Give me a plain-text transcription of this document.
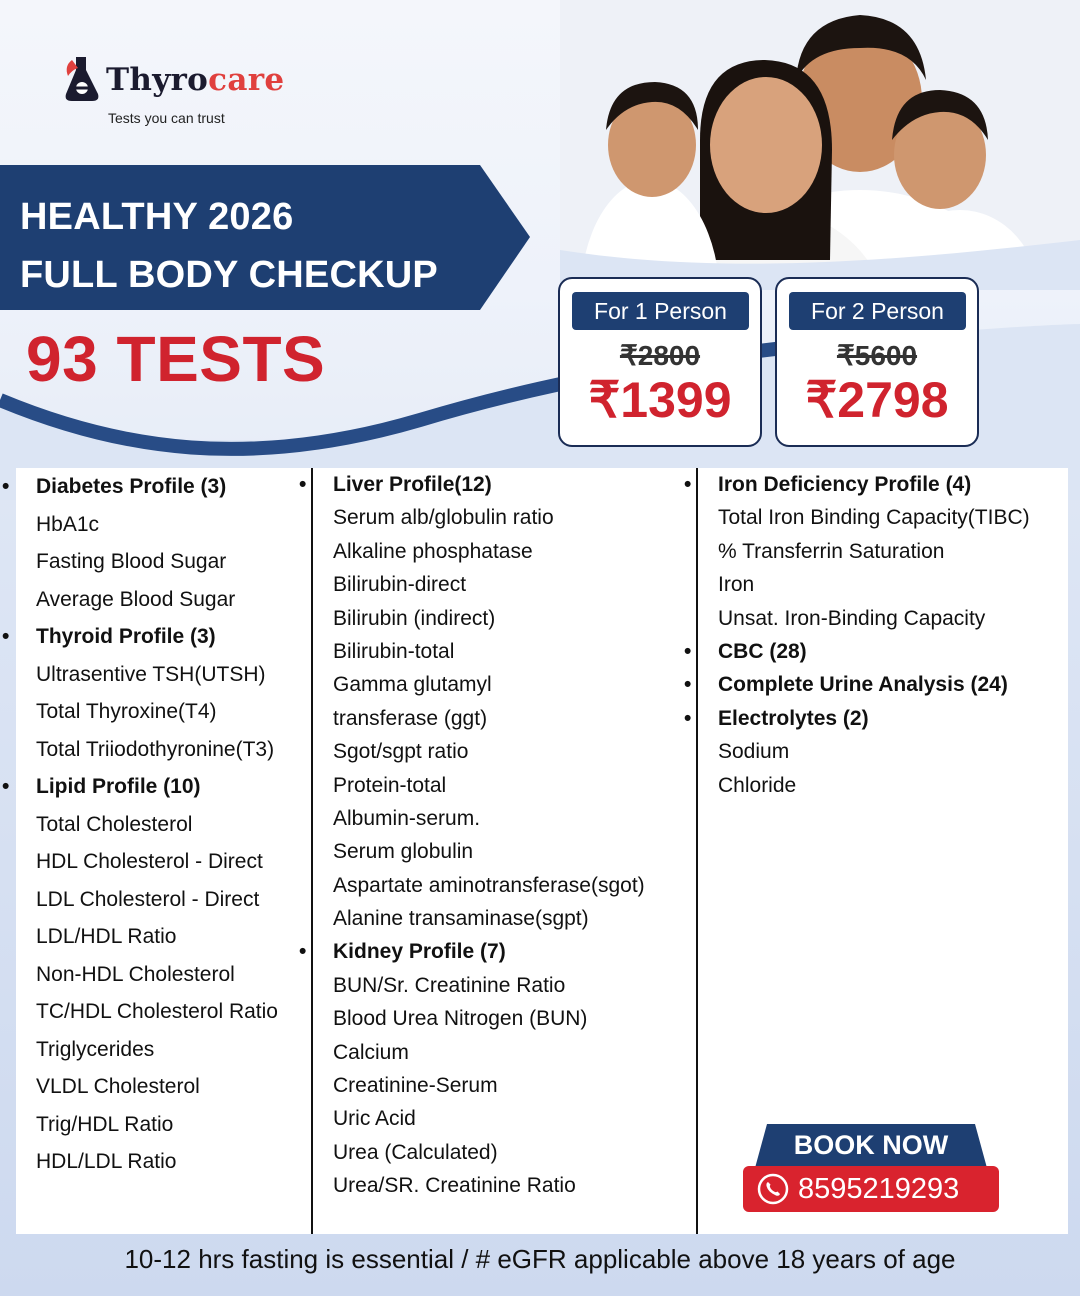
Thyrocare
Tests you can trust
HEALTHY 2026
FULL BODY CHECKUP
93 TESTS
For 1 Person
₹2800
₹1399
For 2 Person
₹5600
₹2798
• Diabetes Profile (3)
HbA1c
Fasting Blood Sugar
Average Blood Sugar
• Thyroid Profile (3)
Ultrasentive TSH(UTSH)
Total Thyroxine(T4)
Total Triiodothyronine(T3)
• Lipid Profile (10)
Total Cholesterol
HDL Cholesterol - Direct
LDL Cholesterol - Direct
LDL/HDL Ratio
Non-HDL Cholesterol
TC/HDL Cholesterol Ratio
Triglycerides
VLDL Cholesterol
Trig/HDL Ratio
HDL/LDL Ratio
• Liver Profile(12)
Serum alb/globulin ratio
Alkaline phosphatase
Bilirubin-direct
Bilirubin (indirect)
Bilirubin-total
Gamma glutamyl
transferase (ggt)
Sgot/sgpt ratio
Protein-total
Albumin-serum.
Serum globulin
Aspartate aminotransferase(sgot)
Alanine transaminase(sgpt)
• Kidney Profile (7)
BUN/Sr. Creatinine Ratio
Blood Urea Nitrogen (BUN)
Calcium
Creatinine-Serum
Uric Acid
Urea (Calculated)
Urea/SR. Creatinine Ratio
• Iron Deficiency Profile (4)
Total Iron Binding Capacity(TIBC)
% Transferrin Saturation
Iron
Unsat. Iron-Binding Capacity
• CBC (28)
• Complete Urine Analysis (24)
• Electrolytes (2)
Sodium
Chloride
BOOK NOW
8595219293
10-12 hrs fasting is essential / # eGFR applicable above 18 years of age
